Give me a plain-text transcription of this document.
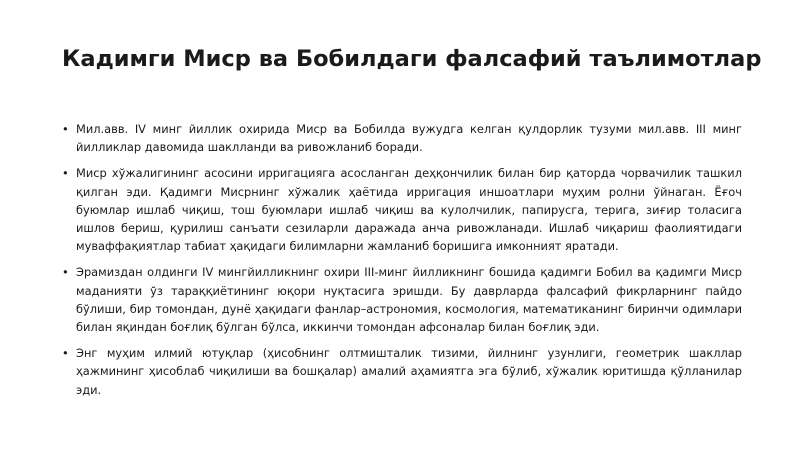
Кадимги Миср ва Бобилдаги фалсафий таълимотлар
• Мил.авв. IV минг йиллик охирида Миср ва Бобилда вужудга келган қулдорлик тузуми мил.авв. III минг йилликлар давомида шаклланди ва ривожланиб боради.
• Миср хўжалигининг асосини ирригацияга асосланган деҳқончилик билан бир қаторда чорвачилик ташкил қилган эди. Қадимги Мисрнинг хўжалик ҳаётида ирригация иншоатлари муҳим ролни ўйнаган. Ёғоч буюмлар ишлаб чиқиш, тош буюмлари ишлаб чиқиш ва кулолчилик, папирусга, терига, зиғир толасига ишлов бериш, қурилиш санъати сезиларли даражада анча ривожланади. Ишлаб чиқариш фаолиятидаги муваффақиятлар табиат ҳақидаги билимларни жамланиб боришига имконният яратади.
• Эрамиздан олдинги IV мингйилликнинг охири III-минг йилликнинг бошида қадимги Бобил ва қадимги Миср маданияти ўз тараққиётининг юқори нуқтасига эришди. Бу даврларда фалсафий фикрларнинг пайдо бўлиши, бир томондан, дунё ҳақидаги фанлар–астрономия, космология, математиканинг биринчи одимлари билан яқиндан боғлиқ бўлган бўлса, иккинчи томондан афсоналар билан боғлиқ эди.
• Энг муҳим илмий ютуқлар (ҳисобнинг олтмишталик тизими, йилнинг узунлиги, геометрик шакллар ҳажмининг ҳисоблаб чиқилиши ва бошқалар) амалий аҳамиятга эга бўлиб, хўжалик юритишда қўлланилар эди.
